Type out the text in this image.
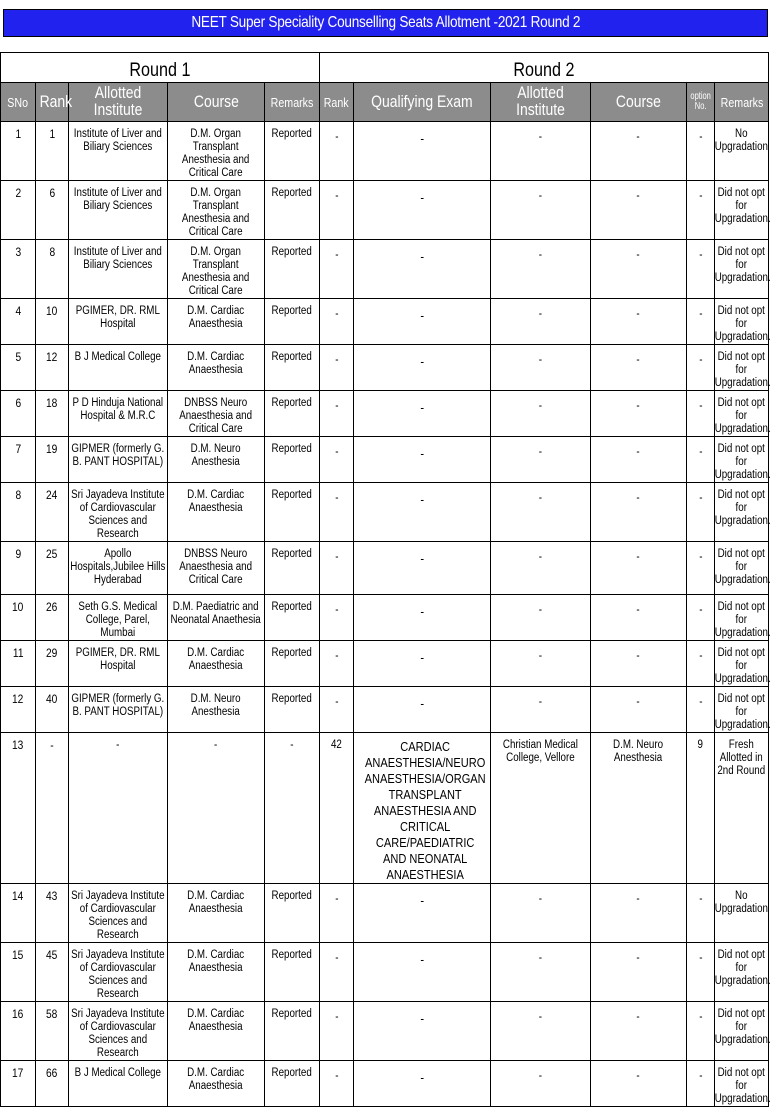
NEET Super Speciality Counselling Seats Allotment -2021 Round 2
Round 1					Round 2					
SNo	Rank	Allotted Institute	Course	Remarks	Rank	Qualifying Exam	Allotted Institute	Course	option No.	Remarks
1	1	Institute of Liver and Biliary Sciences	D.M. Organ Transplant Anesthesia and Critical Care	Reported	-	-	-	-	-	No Upgradation
2	6	Institute of Liver and Biliary Sciences	D.M. Organ Transplant Anesthesia and Critical Care	Reported	-	-	-	-	-	Did not opt for Upgradation.
3	8	Institute of Liver and Biliary Sciences	D.M. Organ Transplant Anesthesia and Critical Care	Reported	-	-	-	-	-	Did not opt for Upgradation.
4	10	PGIMER, DR. RML Hospital	D.M. Cardiac Anaesthesia	Reported	-	-	-	-	-	Did not opt for Upgradation.
5	12	B J Medical College	D.M. Cardiac Anaesthesia	Reported	-	-	-	-	-	Did not opt for Upgradation.
6	18	P D Hinduja National Hospital & M.R.C	DNBSS Neuro Anaesthesia and Critical Care	Reported	-	-	-	-	-	Did not opt for Upgradation.
7	19	GIPMER (formerly G. B. PANT HOSPITAL)	D.M. Neuro Anesthesia	Reported	-	-	-	-	-	Did not opt for Upgradation.
8	24	Sri Jayadeva Institute of Cardiovascular Sciences and Research	D.M. Cardiac Anaesthesia	Reported	-	-	-	-	-	Did not opt for Upgradation.
9	25	Apollo Hospitals,Jubilee Hills Hyderabad	DNBSS Neuro Anaesthesia and Critical Care	Reported	-	-	-	-	-	Did not opt for Upgradation.
10	26	Seth G.S. Medical College, Parel, Mumbai	D.M. Paediatric and Neonatal Anaethesia	Reported	-	-	-	-	-	Did not opt for Upgradation.
11	29	PGIMER, DR. RML Hospital	D.M. Cardiac Anaesthesia	Reported	-	-	-	-	-	Did not opt for Upgradation.
12	40	GIPMER (formerly G. B. PANT HOSPITAL)	D.M. Neuro Anesthesia	Reported	-	-	-	-	-	Did not opt for Upgradation.
13	-	-	-	-	42	CARDIAC ANAESTHESIA/NEURO ANAESTHESIA/ORGAN TRANSPLANT ANAESTHESIA AND CRITICAL CARE/PAEDIATRIC AND NEONATAL ANAESTHESIA	Christian Medical College, Vellore	D.M. Neuro Anesthesia	9	Fresh Allotted in 2nd Round
14	43	Sri Jayadeva Institute of Cardiovascular Sciences and Research	D.M. Cardiac Anaesthesia	Reported	-	-	-	-	-	No Upgradation
15	45	Sri Jayadeva Institute of Cardiovascular Sciences and Research	D.M. Cardiac Anaesthesia	Reported	-	-	-	-	-	Did not opt for Upgradation.
16	58	Sri Jayadeva Institute of Cardiovascular Sciences and Research	D.M. Cardiac Anaesthesia	Reported	-	-	-	-	-	Did not opt for Upgradation.
17	66	B J Medical College	D.M. Cardiac Anaesthesia	Reported	-	-	-	-	-	Did not opt for Upgradation.
